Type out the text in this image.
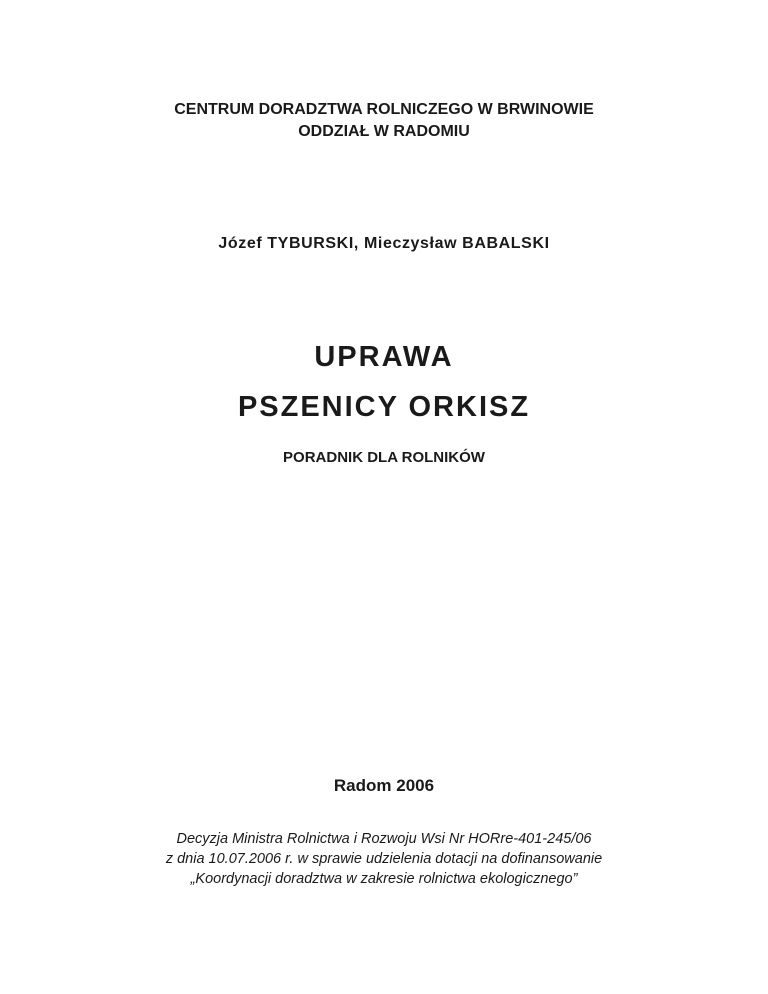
CENTRUM DORADZTWA ROLNICZEGO W BRWINOWIE
ODDZIAŁ W RADOMIU
Józef TYBURSKI, Mieczysław BABALSKI
UPRAWA
PSZENICY ORKISZ
PORADNIK DLA ROLNIKÓW
Radom 2006
Decyzja Ministra Rolnictwa i Rozwoju Wsi Nr HORre-401-245/06
z dnia 10.07.2006 r. w sprawie udzielenia dotacji na dofinansowanie
„Koordynacji doradztwa w zakresie rolnictwa ekologicznego”
